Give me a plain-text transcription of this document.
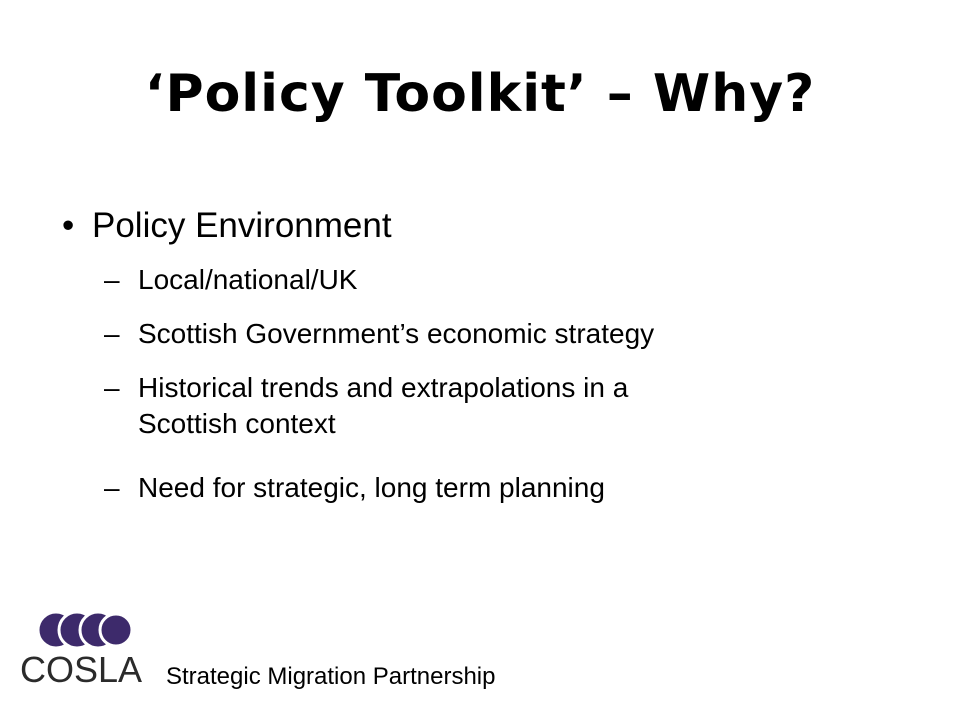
‘Policy Toolkit’ – Why?
• Policy Environment
– Local/national/UK
– Scottish Government’s economic strategy
– Historical trends and extrapolations in a
Scottish context
– Need for strategic, long term planning
COSLA Strategic Migration Partnership
